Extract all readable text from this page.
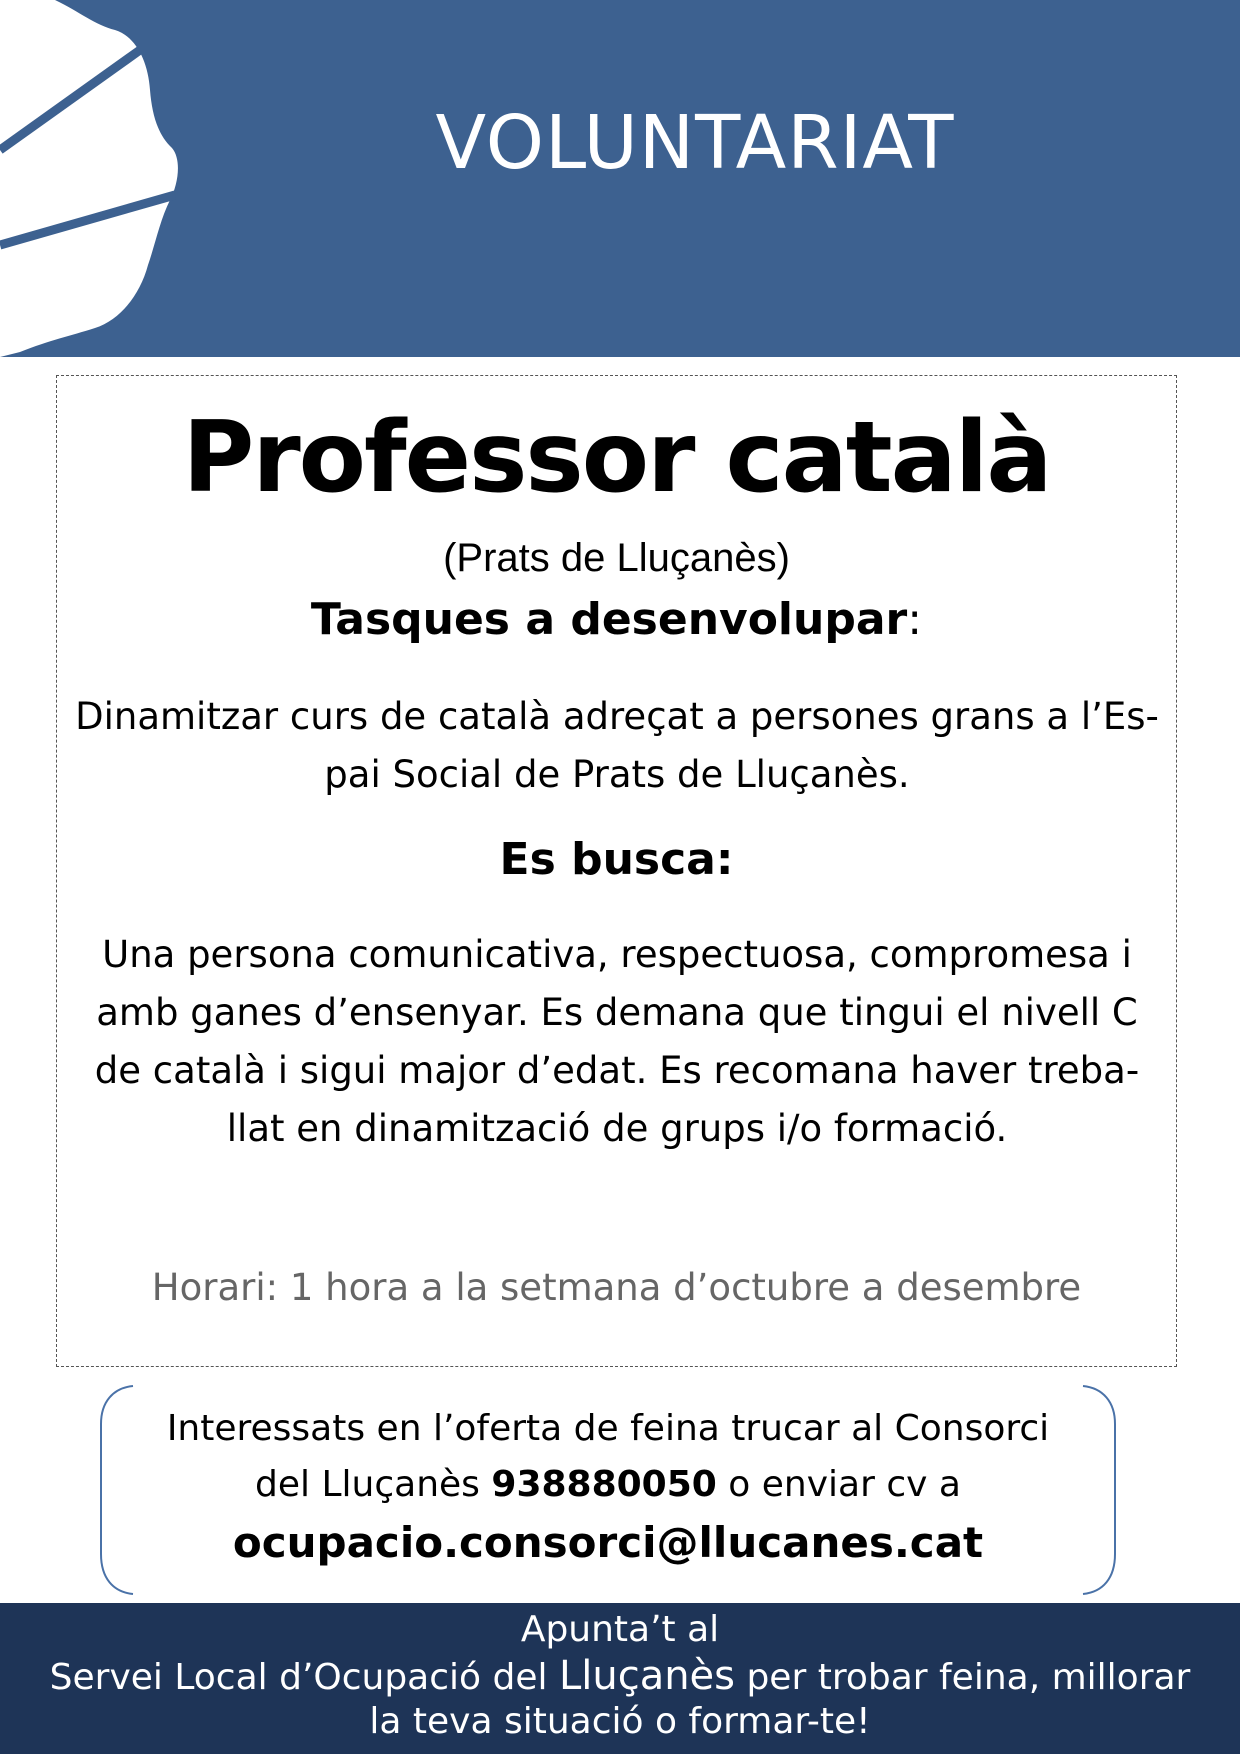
VOLUNTARIAT
Professor català
(Prats de Lluçanès)
Tasques a desenvolupar:
Dinamitzar curs de català adreçat a persones grans a l’Es-
pai Social de Prats de Lluçanès.
Es busca:
Una persona comunicativa, respectuosa, compromesa i
amb ganes d’ensenyar. Es demana que tingui el nivell C
de català i sigui major d’edat. Es recomana haver treba-
llat en dinamització de grups i/o formació.
Horari: 1 hora a la setmana d’octubre a desembre
Interessats en l’oferta de feina trucar al Consorci
del Lluçanès 938880050 o enviar cv a
ocupacio.consorci@llucanes.cat
Apunta’t al
Servei Local d’Ocupació del Lluçanès per trobar feina, millorar
la teva situació o formar-te!
